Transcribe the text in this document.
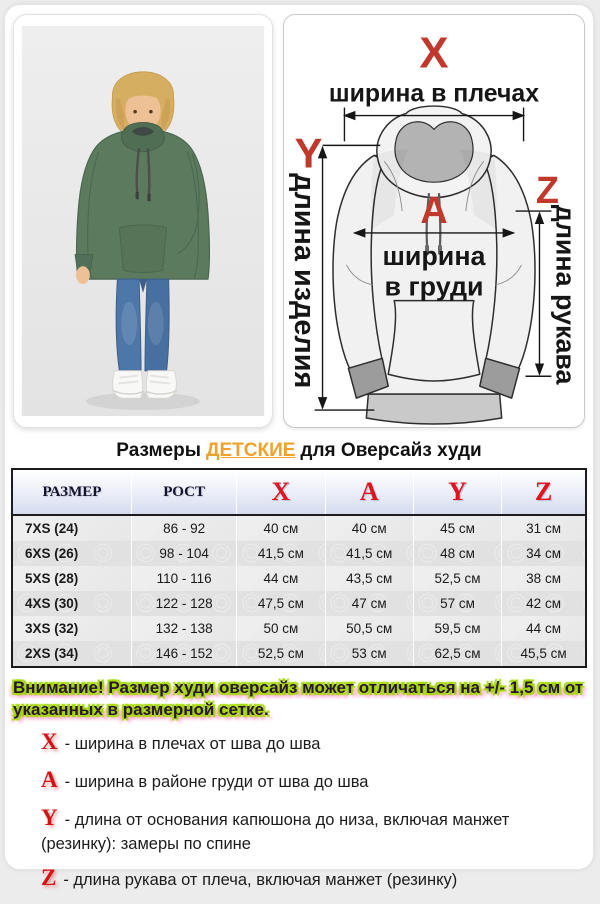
X
ширина в плечах
Y
длина изделия	A
ширина
в груди
Z
длина рукава
Размеры ДЕТСКИЕ для Оверсайз худи
РАЗМЕР	РОСТ	X	A	Y	Z
7XS (24)	86 - 92	40 см	40 см	45 см	31 см
6XS (26)	98 - 104	41,5 см	41,5 см	48 см	34 см
5XS (28)	110 - 116	44 см	43,5 см	52,5 см	38 см
4XS (30)	122 - 128	47,5 см	47 см	57 см	42 см
3XS (32)	132 - 138	50 см	50,5 см	59,5 см	44 см
2XS (34)	146 - 152	52,5 см	53 см	62,5 см	45,5 см
Внимание! Размер худи оверсайз может отличаться на +/- 1,5 см от указанных в размерной сетке.
X - ширина в плечах от шва до шва
A - ширина в районе груди от шва до шва
Y - длина от основания капюшона до низа, включая манжет (резинку): замеры по спине
Z - длина рукава от плеча, включая манжет (резинку)
